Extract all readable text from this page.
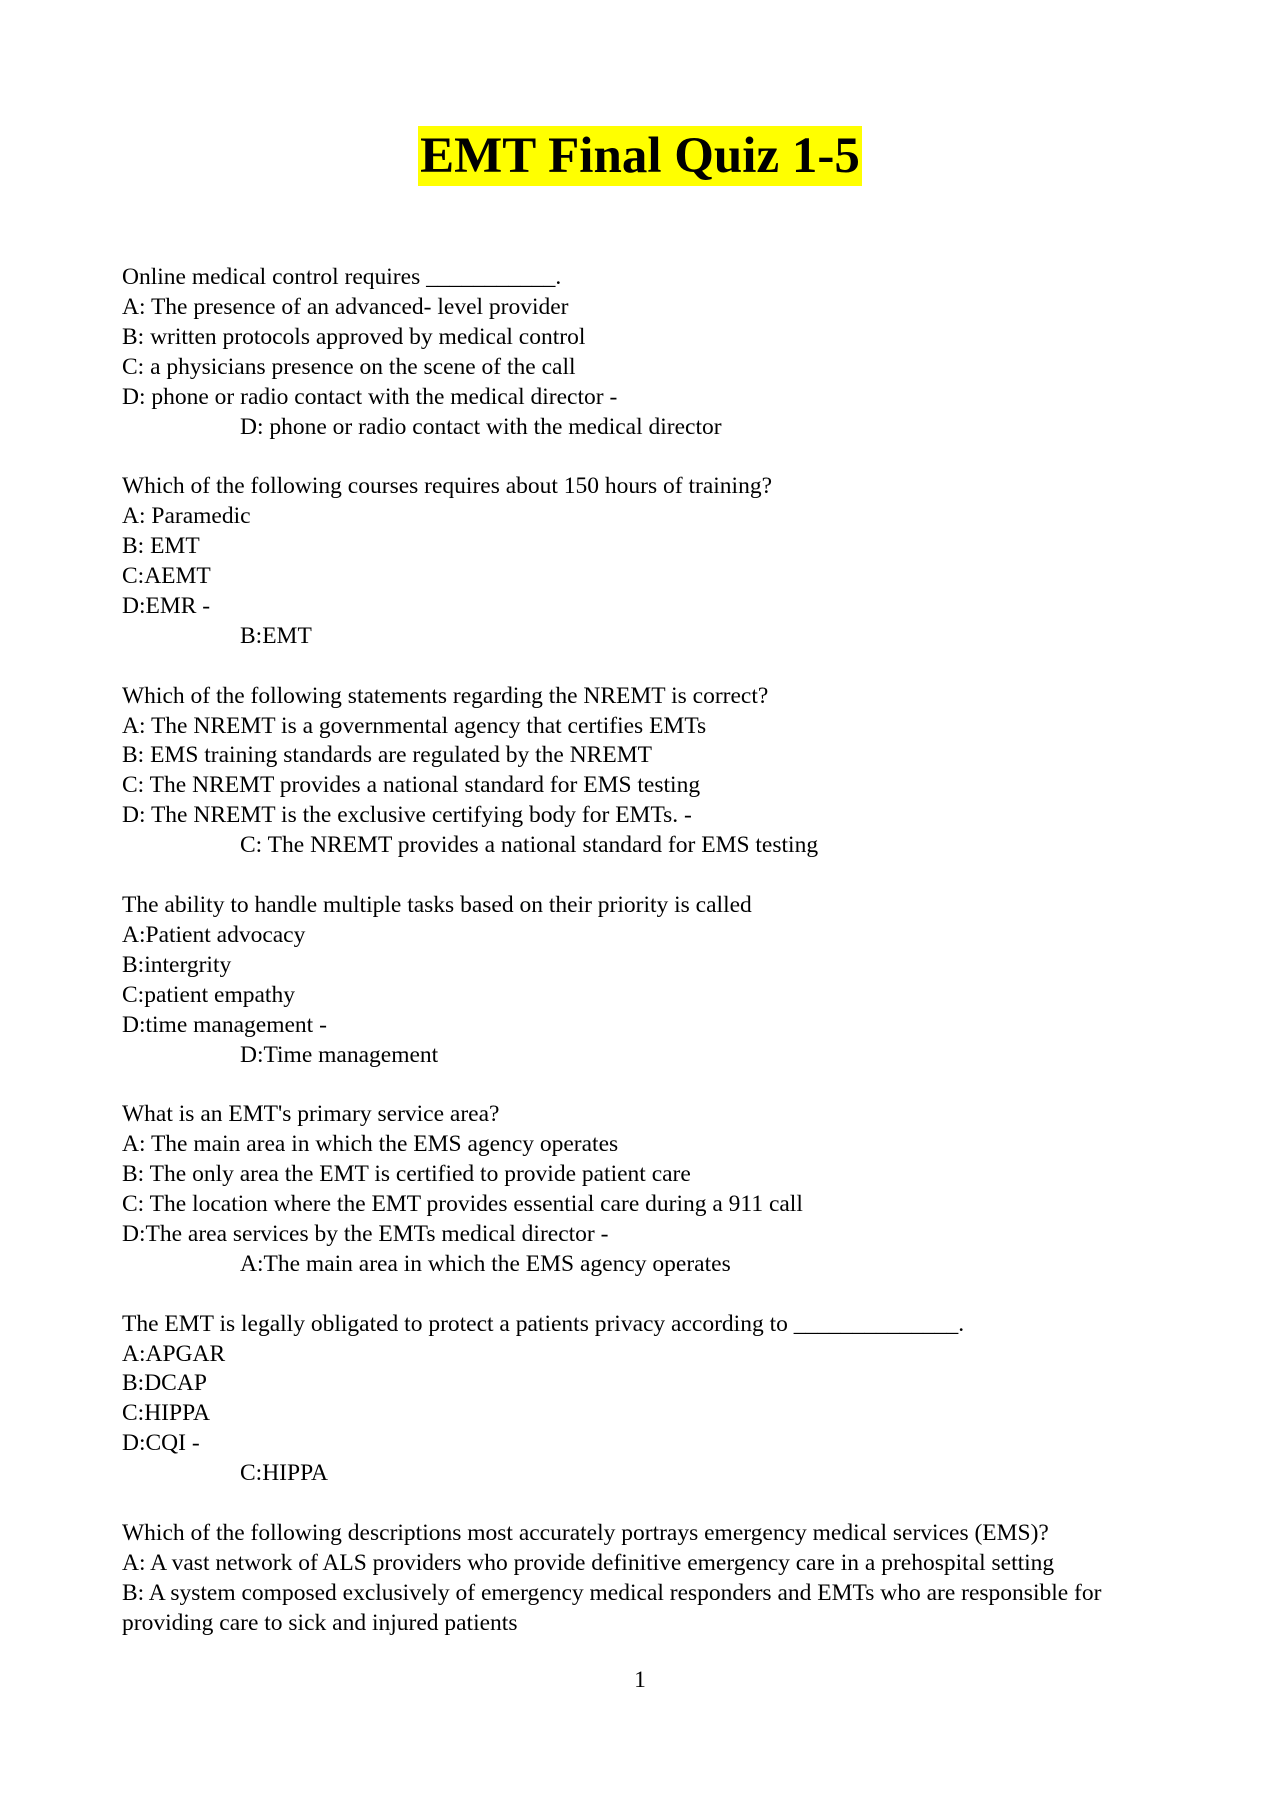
EMT Final Quiz 1-5
Online medical control requires ___________.
A: The presence of an advanced- level provider
B: written protocols approved by medical control
C: a physicians presence on the scene of the call
D: phone or radio contact with the medical director -
D: phone or radio contact with the medical director
Which of the following courses requires about 150 hours of training?
A: Paramedic
B: EMT
C:AEMT
D:EMR -
B:EMT
Which of the following statements regarding the NREMT is correct?
A: The NREMT is a governmental agency that certifies EMTs
B: EMS training standards are regulated by the NREMT
C: The NREMT provides a national standard for EMS testing
D: The NREMT is the exclusive certifying body for EMTs. -
C: The NREMT provides a national standard for EMS testing
The ability to handle multiple tasks based on their priority is called
A:Patient advocacy
B:intergrity
C:patient empathy
D:time management -
D:Time management
What is an EMT's primary service area?
A: The main area in which the EMS agency operates
B: The only area the EMT is certified to provide patient care
C: The location where the EMT provides essential care during a 911 call
D:The area services by the EMTs medical director -
A:The main area in which the EMS agency operates
The EMT is legally obligated to protect a patients privacy according to ______________.
A:APGAR
B:DCAP
C:HIPPA
D:CQI -
C:HIPPA
Which of the following descriptions most accurately portrays emergency medical services (EMS)?
A: A vast network of ALS providers who provide definitive emergency care in a prehospital setting
B: A system composed exclusively of emergency medical responders and EMTs who are responsible for providing care to sick and injured patients
1
